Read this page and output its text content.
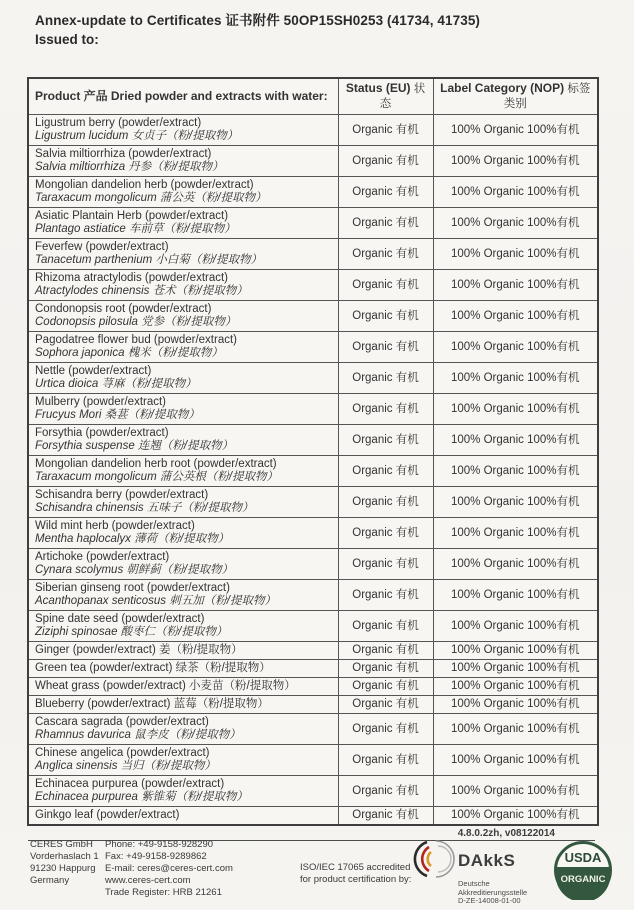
Annex-update to Certificates 证书附件 50OP15SH0253 (41734, 41735)
Issued to:
Product 产品 Dried powder and extracts with water:	Status (EU) 状态	Label Category (NOP) 标签类别

Ligustrum berry (powder/extract)
Ligustrum lucidum 女贞子（粉/提取物）	Organic 有机	100% Organic 100%有机

Salvia miltiorrhiza (powder/extract)
Salvia miltiorrhiza 丹参（粉/提取物）	Organic 有机	100% Organic 100%有机

Mongolian dandelion herb (powder/extract)
Taraxacum mongolicum 蒲公英（粉/提取物）	Organic 有机	100% Organic 100%有机

Asiatic Plantain Herb (powder/extract)
Plantago astiatice 车前草（粉/提取物）	Organic 有机	100% Organic 100%有机

Feverfew (powder/extract)
Tanacetum parthenium 小白菊（粉/提取物）	Organic 有机	100% Organic 100%有机

Rhizoma atractylodis (powder/extract)
Atractylodes chinensis 苍术（粉/提取物）	Organic 有机	100% Organic 100%有机

Condonopsis root (powder/extract)
Codonopsis pilosula 党参（粉/提取物）	Organic 有机	100% Organic 100%有机

Pagodatree flower bud (powder/extract)
Sophora japonica 槐米（粉/提取物）	Organic 有机	100% Organic 100%有机

Nettle (powder/extract)
Urtica dioica 荨麻（粉/提取物）	Organic 有机	100% Organic 100%有机

Mulberry (powder/extract)
Frucyus Mori 桑葚（粉/提取物）	Organic 有机	100% Organic 100%有机

Forsythia (powder/extract)
Forsythia suspense 连翘（粉/提取物）	Organic 有机	100% Organic 100%有机

Mongolian dandelion herb root (powder/extract)
Taraxacum mongolicum 蒲公英根（粉/提取物）	Organic 有机	100% Organic 100%有机

Schisandra berry (powder/extract)
Schisandra chinensis 五味子（粉/提取物）	Organic 有机	100% Organic 100%有机

Wild mint herb (powder/extract)
Mentha haplocalyx 薄荷（粉/提取物）	Organic 有机	100% Organic 100%有机

Artichoke (powder/extract)
Cynara scolymus 朝鲜蓟（粉/提取物）	Organic 有机	100% Organic 100%有机

Siberian ginseng root (powder/extract)
Acanthopanax senticosus 刺五加（粉/提取物）	Organic 有机	100% Organic 100%有机

Spine date seed (powder/extract)
Ziziphi spinosae 酸枣仁（粉/提取物）	Organic 有机	100% Organic 100%有机

Ginger (powder/extract) 姜（粉/提取物）	Organic 有机	100% Organic 100%有机

Green tea (powder/extract) 绿茶（粉/提取物）	Organic 有机	100% Organic 100%有机

Wheat grass (powder/extract) 小麦苗（粉/提取物）	Organic 有机	100% Organic 100%有机

Blueberry (powder/extract) 蓝莓（粉/提取物）	Organic 有机	100% Organic 100%有机

Cascara sagrada (powder/extract)
Rhamnus davurica 鼠李皮（粉/提取物）	Organic 有机	100% Organic 100%有机

Chinese angelica (powder/extract)
Anglica sinensis 当归（粉/提取物）	Organic 有机	100% Organic 100%有机

Echinacea purpurea (powder/extract)
Echinacea purpurea 紫锥菊（粉/提取物）	Organic 有机	100% Organic 100%有机

Ginkgo leaf (powder/extract)	Organic 有机	100% Organic 100%有机
4.8.0.2zh, v08122014
CERES GmbH
Vorderhaslach 1
91230 Happurg
Germany
Phone: +49-9158-928290
Fax: +49-9158-9289862
E-mail: ceres@ceres-cert.com
www.ceres-cert.com
Trade Register: HRB 21261
ISO/IEC 17065 accredited
for product certification by:
DAkkS
Deutsche
Akkreditierungsstelle
D-ZE-14008-01-00
USDA
ORGANIC
